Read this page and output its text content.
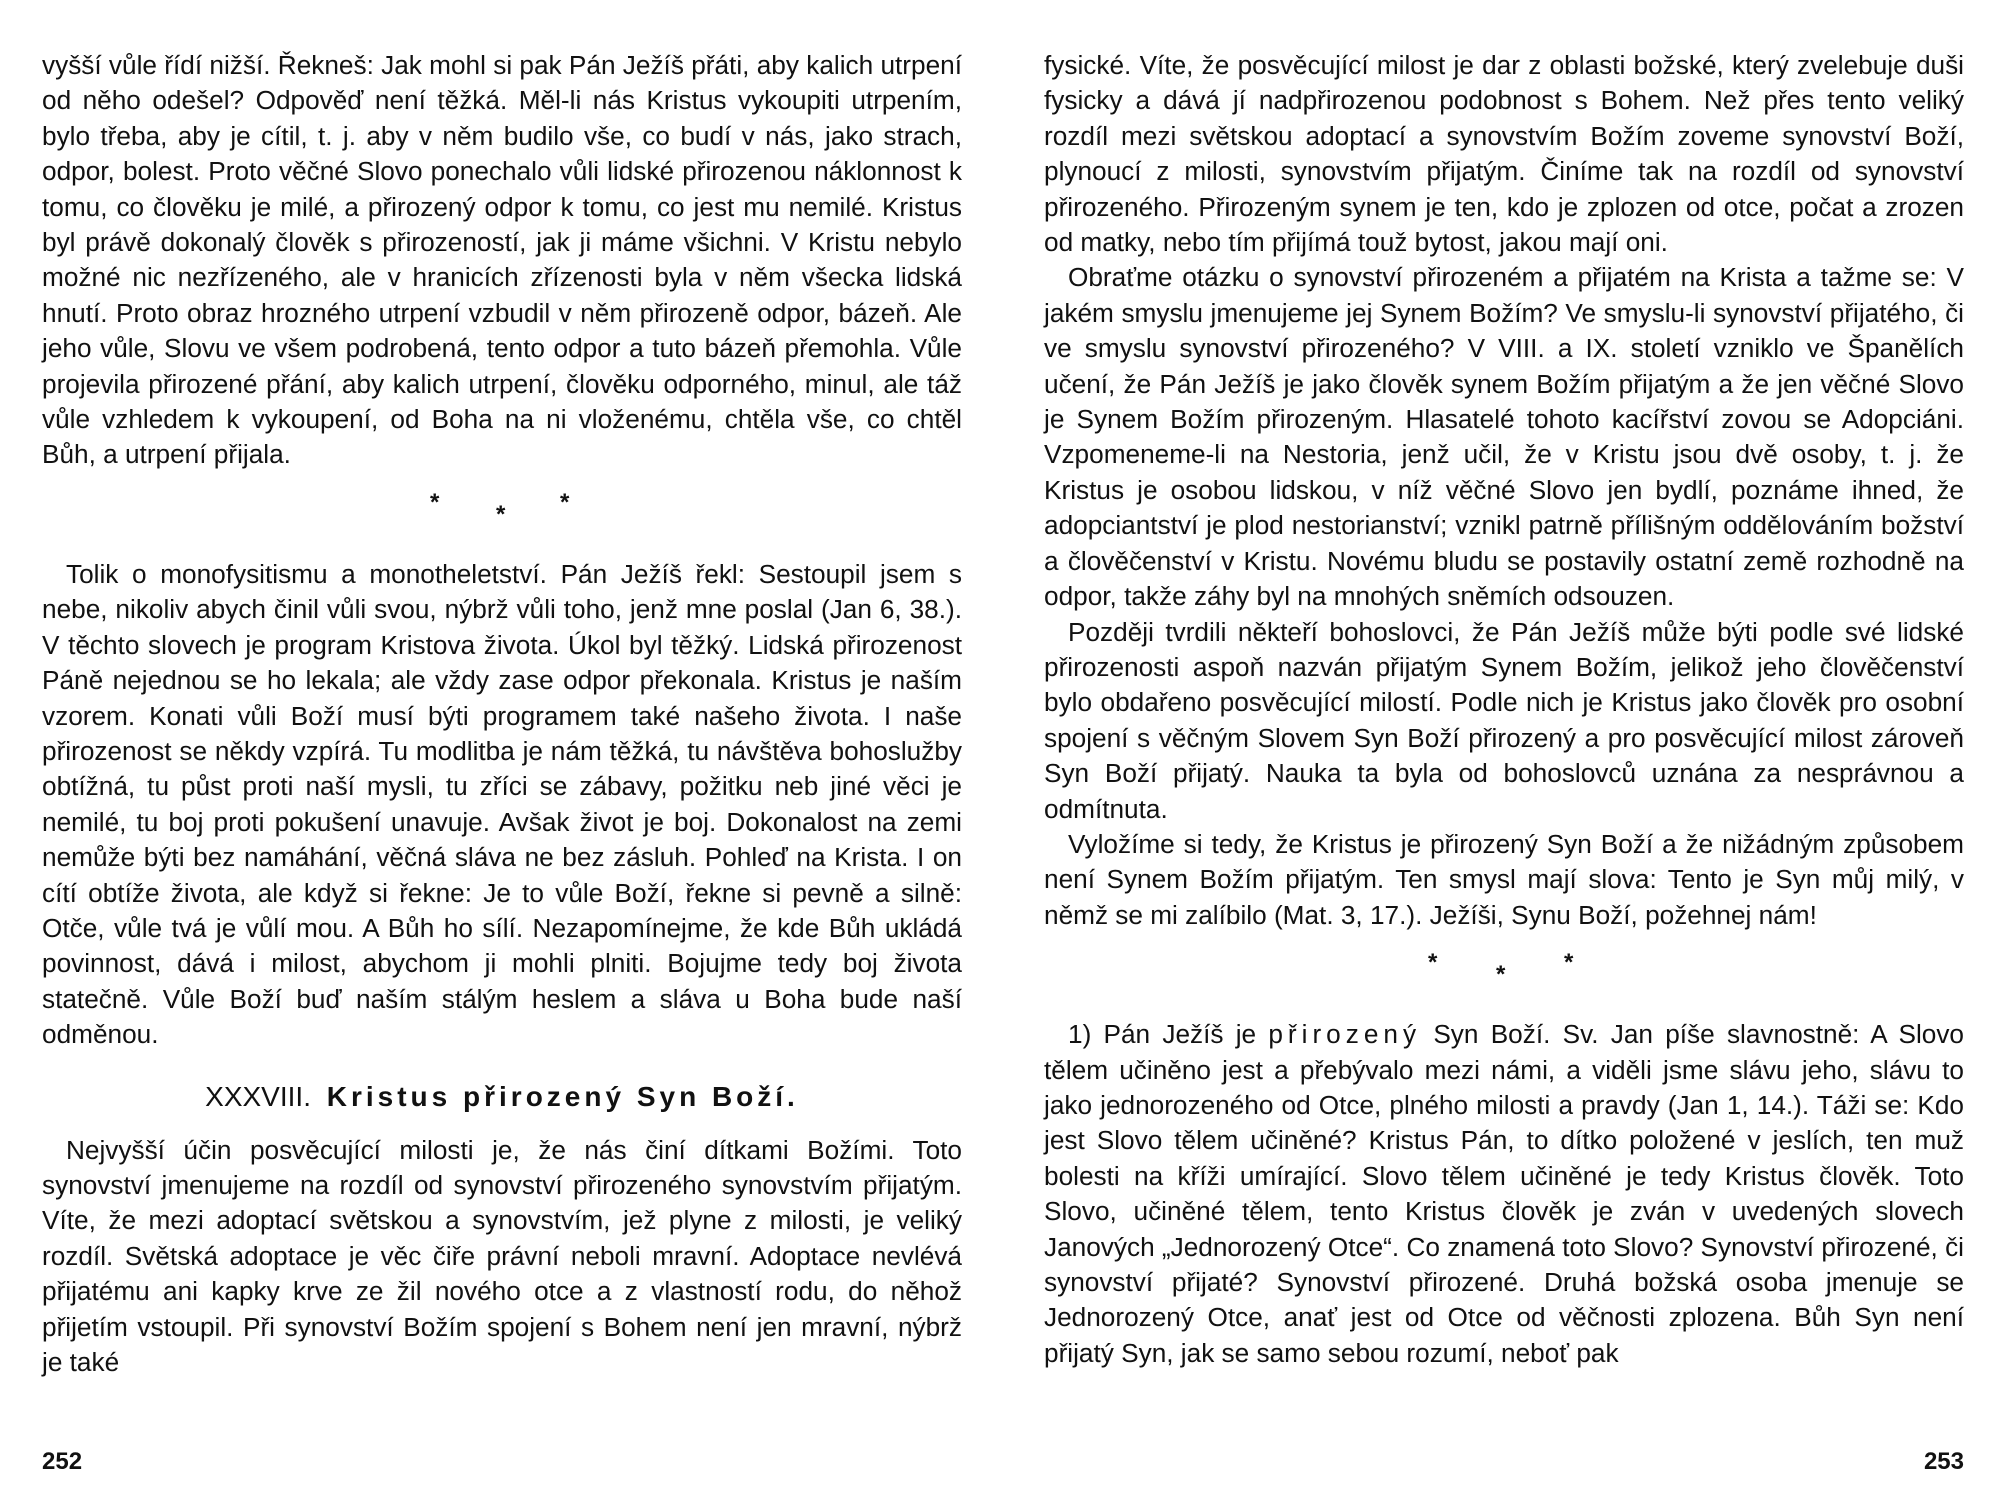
vyšší vůle řídí nižší. Řekneš: Jak mohl si pak Pán Ježíš přáti, aby kalich utrpení od něho odešel? Odpověď není těžká. Měl-li nás Kristus vykoupiti utrpením, bylo třeba, aby je cítil, t. j. aby v něm budilo vše, co budí v nás, jako strach, odpor, bolest. Proto věčné Slovo ponechalo vůli lidské přirozenou náklonnost k tomu, co člověku je milé, a přirozený odpor k tomu, co jest mu nemilé. Kristus byl právě dokonalý člověk s přirozeností, jak ji máme všichni. V Kristu nebylo možné nic nezřízeného, ale v hranicích zřízenosti byla v něm všecka lidská hnutí. Proto obraz hrozného utrpení vzbudil v něm přirozeně odpor, bázeň. Ale jeho vůle, Slovu ve všem podrobená, tento odpor a tuto bázeň přemohla. Vůle projevila přirozené přání, aby kalich utrpení, člověku odporného, minul, ale táž vůle vzhledem k vykoupení, od Boha na ni vloženému, chtěla vše, co chtěl Bůh, a utrpení přijala.

* * *

Tolik o monofysitismu a monotheletství. Pán Ježíš řekl: Sestoupil jsem s nebe, nikoliv abych činil vůli svou, nýbrž vůli toho, jenž mne poslal (Jan 6, 38.). V těchto slovech je program Kristova života. Úkol byl těžký. Lidská přirozenost Páně nejednou se ho lekala; ale vždy zase odpor překonala. Kristus je naším vzorem. Konati vůli Boží musí býti programem také našeho života. I naše přirozenost se někdy vzpírá. Tu modlitba je nám těžká, tu návštěva bohoslužby obtížná, tu půst proti naší mysli, tu zříci se zábavy, požitku neb jiné věci je nemilé, tu boj proti pokušení unavuje. Avšak život je boj. Dokonalost na zemi nemůže býti bez namáhání, věčná sláva ne bez zásluh. Pohleď na Krista. I on cítí obtíže života, ale když si řekne: Je to vůle Boží, řekne si pevně a silně: Otče, vůle tvá je vůlí mou. A Bůh ho sílí. Nezapomínejme, že kde Bůh ukládá povinnost, dává i milost, abychom ji mohli plniti. Bojujme tedy boj života statečně. Vůle Boží buď naším stálým heslem a sláva u Boha bude naší odměnou.

XXXVIII. Kristus přirozený Syn Boží.

Nejvyšší účin posvěcující milosti je, že nás činí dítkami Božími. Toto synovství jmenujeme na rozdíl od synovství přirozeného synovstvím přijatým. Víte, že mezi adoptací světskou a synovstvím, jež plyne z milosti, je veliký rozdíl. Světská adoptace je věc čiře právní neboli mravní. Adoptace nevlévá přijatému ani kapky krve ze žil nového otce a z vlastností rodu, do něhož přijetím vstoupil. Při synovství Božím spojení s Bohem není jen mravní, nýbrž je také

252

fysické. Víte, že posvěcující milost je dar z oblasti božské, který zvelebuje duši fysicky a dává jí nadpřirozenou podobnost s Bohem. Než přes tento veliký rozdíl mezi světskou adoptací a synovstvím Božím zoveme synovství Boží, plynoucí z milosti, synovstvím přijatým. Činíme tak na rozdíl od synovství přirozeného. Přirozeným synem je ten, kdo je zplozen od otce, počat a zrozen od matky, nebo tím přijímá touž bytost, jakou mají oni.

Obraťme otázku o synovství přirozeném a přijatém na Krista a tažme se: V jakém smyslu jmenujeme jej Synem Božím? Ve smyslu-li synovství přijatého, či ve smyslu synovství přirozeného? V VIII. a IX. století vzniklo ve Španělích učení, že Pán Ježíš je jako člověk synem Božím přijatým a že jen věčné Slovo je Synem Božím přirozeným. Hlasatelé tohoto kacířství zovou se Adopciáni. Vzpomeneme-li na Nestoria, jenž učil, že v Kristu jsou dvě osoby, t. j. že Kristus je osobou lidskou, v níž věčné Slovo jen bydlí, poznáme ihned, že adopciantství je plod nestorianství; vznikl patrně přílišným oddělováním božství a člověčenství v Kristu. Novému bludu se postavily ostatní země rozhodně na odpor, takže záhy byl na mnohých sněmích odsouzen.

Později tvrdili někteří bohoslovci, že Pán Ježíš může býti podle své lidské přirozenosti aspoň nazván přijatým Synem Božím, jelikož jeho člověčenství bylo obdařeno posvěcující milostí. Podle nich je Kristus jako člověk pro osobní spojení s věčným Slovem Syn Boží přirozený a pro posvěcující milost zároveň Syn Boží přijatý. Nauka ta byla od bohoslovců uznána za nesprávnou a odmítnuta.

Vyložíme si tedy, že Kristus je přirozený Syn Boží a že nižádným způsobem není Synem Božím přijatým. Ten smysl mají slova: Tento je Syn můj milý, v němž se mi zalíbilo (Mat. 3, 17.). Ježíši, Synu Boží, požehnej nám!

* * *

1) Pán Ježíš je přirozený Syn Boží. Sv. Jan píše slavnostně: A Slovo tělem učiněno jest a přebývalo mezi námi, a viděli jsme slávu jeho, slávu to jako jednorozeného od Otce, plného milosti a pravdy (Jan 1, 14.). Táži se: Kdo jest Slovo tělem učiněné? Kristus Pán, to dítko položené v jeslích, ten muž bolesti na kříži umírající. Slovo tělem učiněné je tedy Kristus člověk. Toto Slovo, učiněné tělem, tento Kristus člověk je zván v uvedených slovech Janových „Jednorozený Otce“. Co znamená toto Slovo? Synovství přirozené, či synovství přijaté? Synovství přirozené. Druhá božská osoba jmenuje se Jednorozený Otce, anať jest od Otce od věčnosti zplozena. Bůh Syn není přijatý Syn, jak se samo sebou rozumí, neboť pak

253
